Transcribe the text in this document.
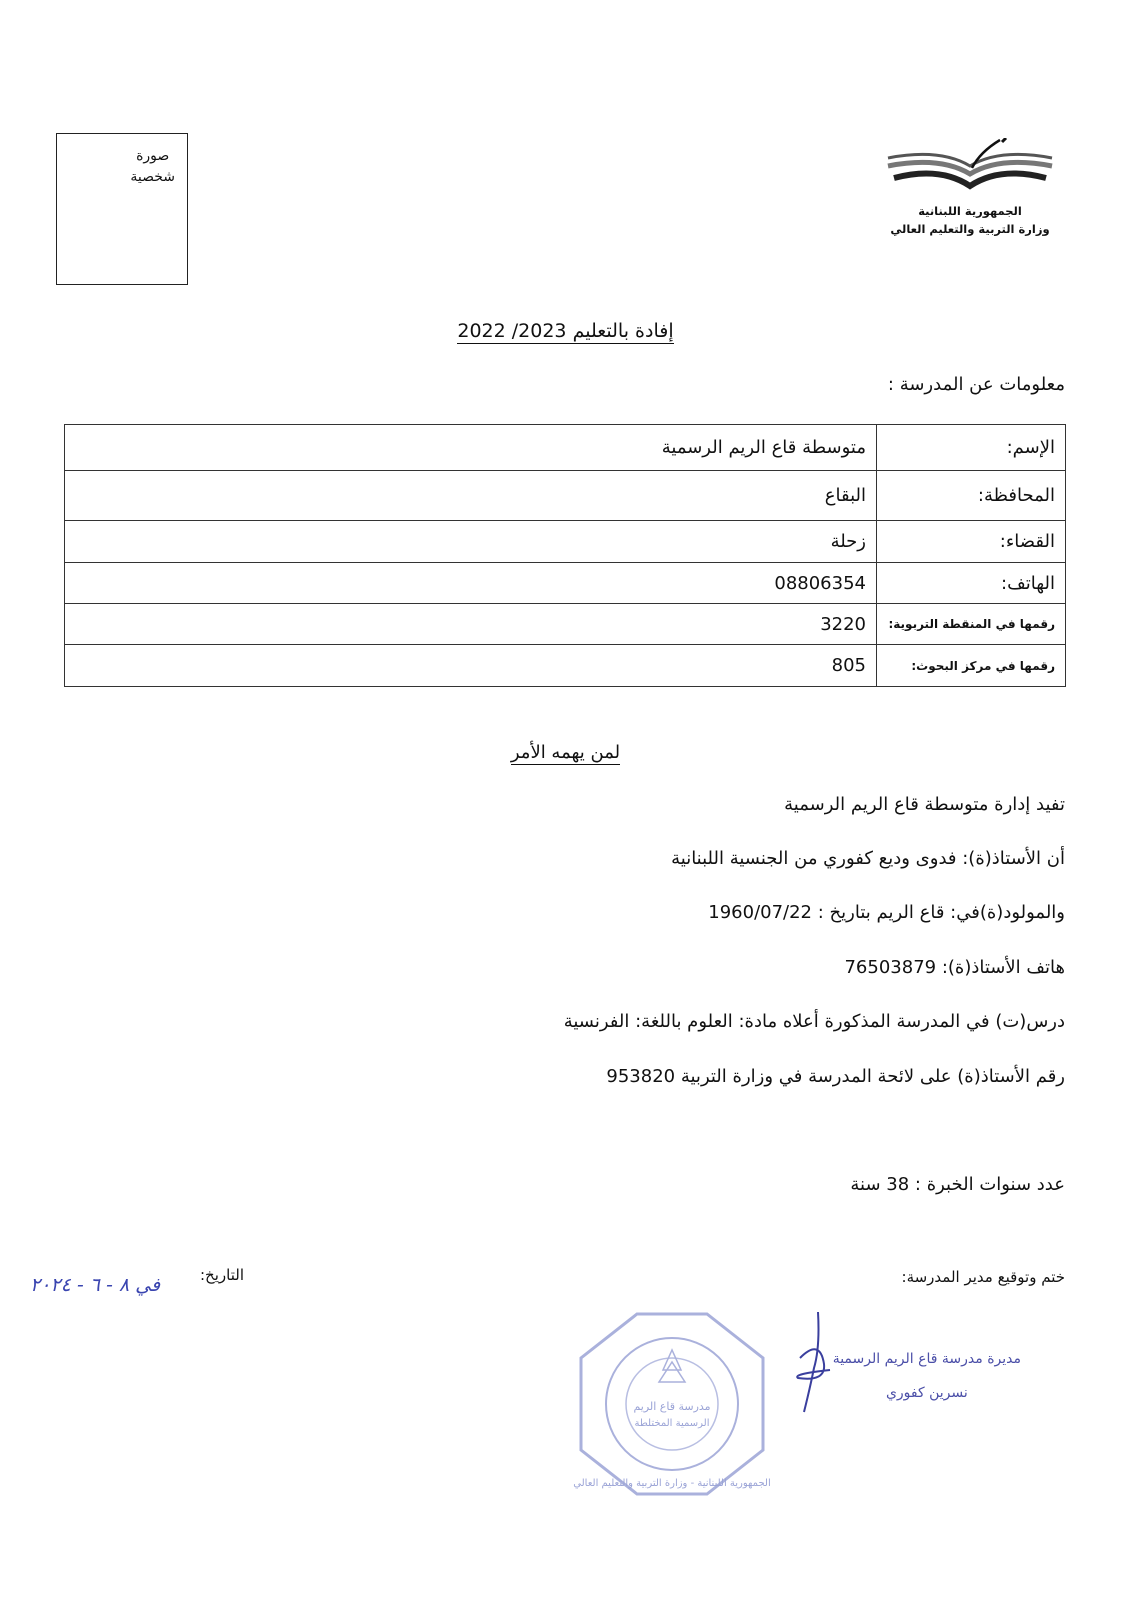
صورة
شخصية
الجمهورية اللبنانية
وزارة التربية والتعليم العالي
إفادة بالتعليم 2023/ 2022
معلومات عن المدرسة :
الإسم:	متوسطة قاع الريم الرسمية
المحافظة:	البقاع
القضاء:	زحلة
الهاتف:	08806354
رقمها في المنقطة التربوية:	3220
رقمها في مركز البحوث:	805
لمن يهمه الأمر
تفيد إدارة متوسطة قاع الريم الرسمية
أن الأستاذ(ة): فدوى وديع كفوري من الجنسية اللبنانية
والمولود(ة)في: قاع الريم بتاريخ : 1960/07/22
هاتف الأستاذ(ة): 76503879
درس(ت) في المدرسة المذكورة أعلاه مادة: العلوم باللغة: الفرنسية
رقم الأستاذ(ة) على لائحة المدرسة في وزارة التربية 953820
عدد سنوات الخبرة : 38 سنة
ختم وتوقيع مدير المدرسة:
التاريخ:
في ٨ - ٦ - ٢٠٢٤
مديرة مدرسة قاع الريم الرسمية
نسرين كفوري
مدرسة قاع الريم
الرسمية المختلطة
الجمهورية اللبنانية - وزارة التربية والتعليم العالي
